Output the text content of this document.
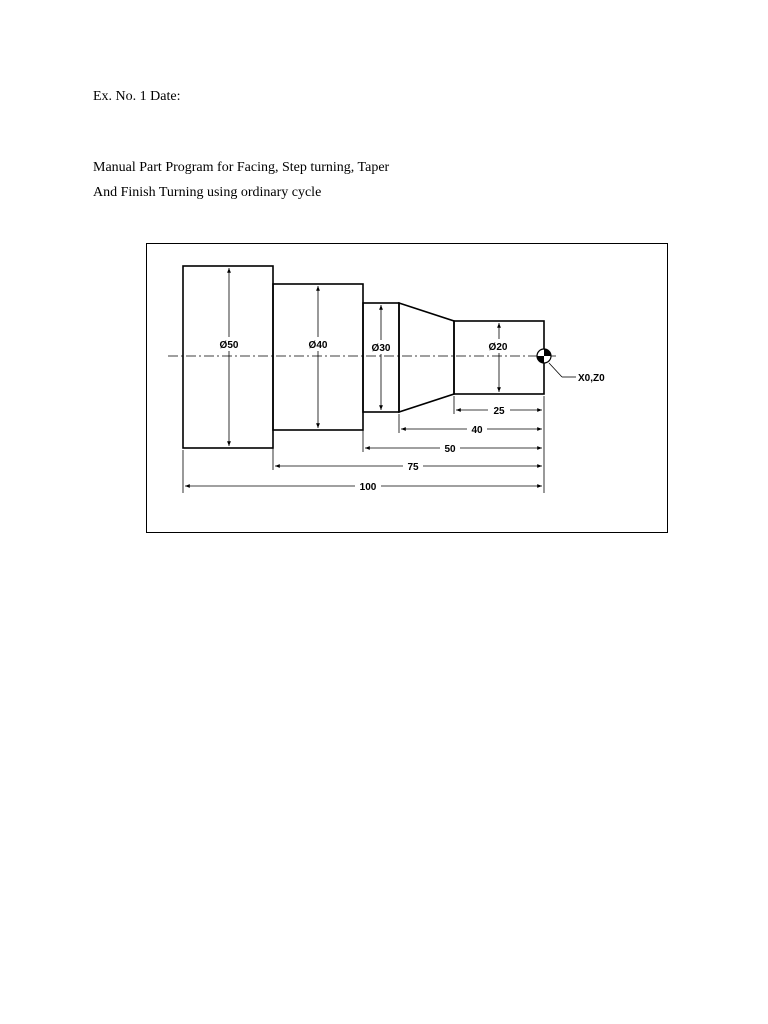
Ex. No. 1 Date:
Manual Part Program for Facing, Step turning, Taper
And Finish Turning using ordinary cycle
Ø50	Ø40	Ø30	Ø20
25
40
50
75
100
X0,Z0
